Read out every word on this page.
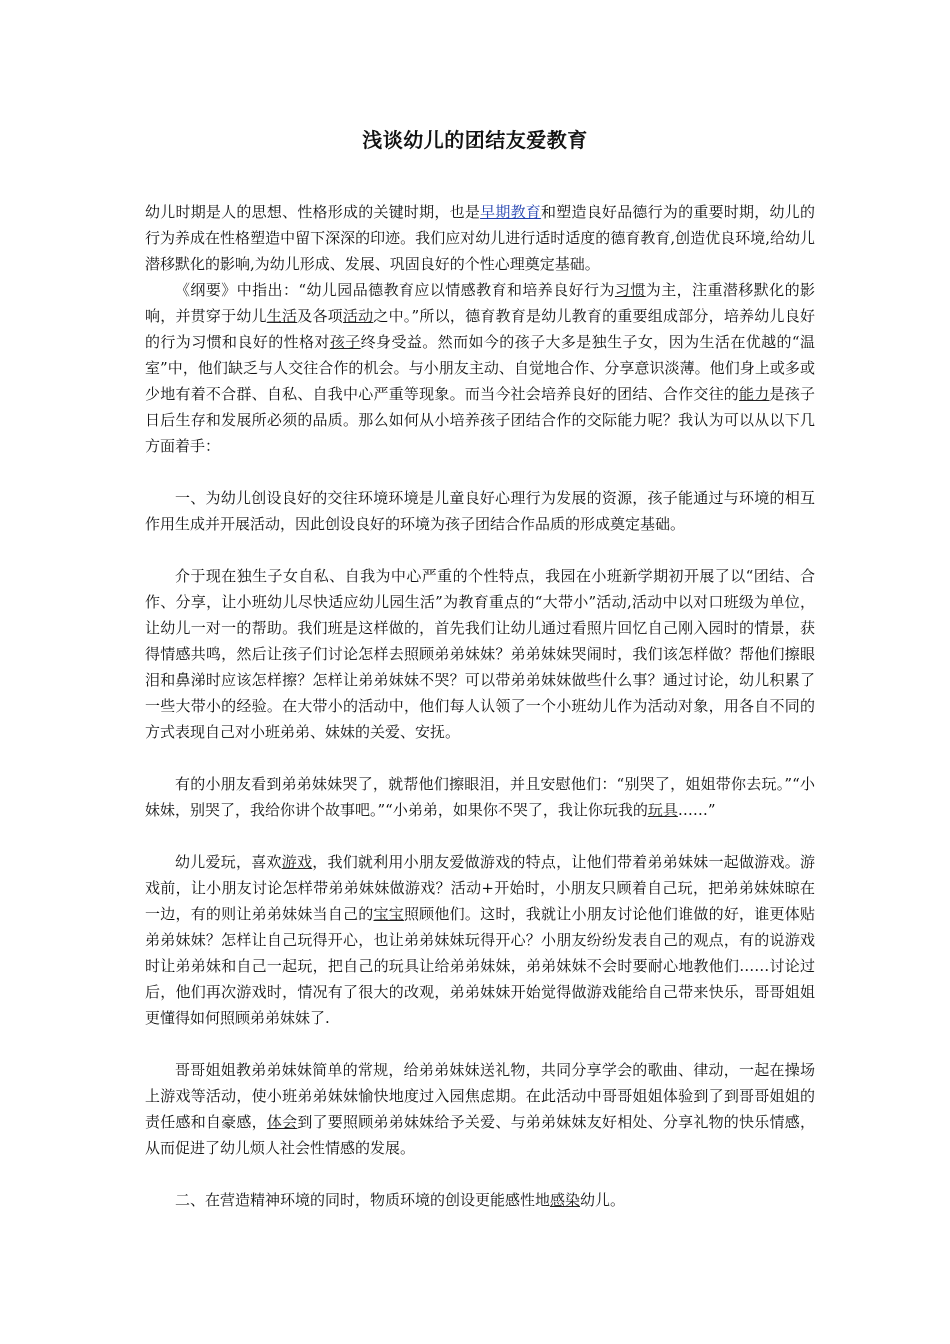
浅谈幼儿的团结友爱教育

幼儿时期是人的思想、性格形成的关键时期，也是早期教育和塑造良好品德行为的重要时期，幼儿的行为养成在性格塑造中留下深深的印迹。我们应对幼儿进行适时适度的德育教育,创造优良环境,给幼儿潜移默化的影响,为幼儿形成、发展、巩固良好的个性心理奠定基础。

《纲要》中指出：“幼儿园品德教育应以情感教育和培养良好行为习惯为主，注重潜移默化的影响，并贯穿于幼儿生活及各项活动之中。”所以，德育教育是幼儿教育的重要组成部分，培养幼儿良好的行为习惯和良好的性格对孩子终身受益。然而如今的孩子大多是独生子女，因为生活在优越的“温室”中，他们缺乏与人交往合作的机会。与小朋友主动、自觉地合作、分享意识淡薄。他们身上或多或少地有着不合群、自私、自我中心严重等现象。而当今社会培养良好的团结、合作交往的能力是孩子日后生存和发展所必须的品质。那么如何从小培养孩子团结合作的交际能力呢？我认为可以从以下几方面着手：

一、为幼儿创设良好的交往环境环境是儿童良好心理行为发展的资源，孩子能通过与环境的相互作用生成并开展活动，因此创设良好的环境为孩子团结合作品质的形成奠定基础。

介于现在独生子女自私、自我为中心严重的个性特点，我园在小班新学期初开展了以“团结、合作、分享，让小班幼儿尽快适应幼儿园生活”为教育重点的“大带小”活动,活动中以对口班级为单位，让幼儿一对一的帮助。我们班是这样做的，首先我们让幼儿通过看照片回忆自己刚入园时的情景，获得情感共鸣，然后让孩子们讨论怎样去照顾弟弟妹妹？弟弟妹妹哭闹时，我们该怎样做？帮他们擦眼泪和鼻涕时应该怎样擦？怎样让弟弟妹妹不哭？可以带弟弟妹妹做些什么事？通过讨论，幼儿积累了一些大带小的经验。在大带小的活动中，他们每人认领了一个小班幼儿作为活动对象，用各自不同的方式表现自己对小班弟弟、妹妹的关爱、安抚。

有的小朋友看到弟弟妹妹哭了，就帮他们擦眼泪，并且安慰他们：“别哭了，姐姐带你去玩。”“小妹妹，别哭了，我给你讲个故事吧。”“小弟弟，如果你不哭了，我让你玩我的玩具……”

幼儿爱玩，喜欢游戏，我们就利用小朋友爱做游戏的特点，让他们带着弟弟妹妹一起做游戏。游戏前，让小朋友讨论怎样带弟弟妹妹做游戏？活动+开始时，小朋友只顾着自己玩，把弟弟妹妹晾在一边，有的则让弟弟妹妹当自己的宝宝照顾他们。这时，我就让小朋友讨论他们谁做的好，谁更体贴弟弟妹妹？怎样让自己玩得开心，也让弟弟妹妹玩得开心？小朋友纷纷发表自己的观点，有的说游戏时让弟弟妹和自己一起玩，把自己的玩具让给弟弟妹妹，弟弟妹妹不会时要耐心地教他们……讨论过后，他们再次游戏时，情况有了很大的改观，弟弟妹妹开始觉得做游戏能给自己带来快乐，哥哥姐姐更懂得如何照顾弟弟妹妹了.

哥哥姐姐教弟弟妹妹简单的常规，给弟弟妹妹送礼物，共同分享学会的歌曲、律动，一起在操场上游戏等活动，使小班弟弟妹妹愉快地度过入园焦虑期。在此活动中哥哥姐姐体验到了到哥哥姐姐的责任感和自豪感，体会到了要照顾弟弟妹妹给予关爱、与弟弟妹妹友好相处、分享礼物的快乐情感，从而促进了幼儿烦人社会性情感的发展。

二、在营造精神环境的同时，物质环境的创设更能感性地感染幼儿。
